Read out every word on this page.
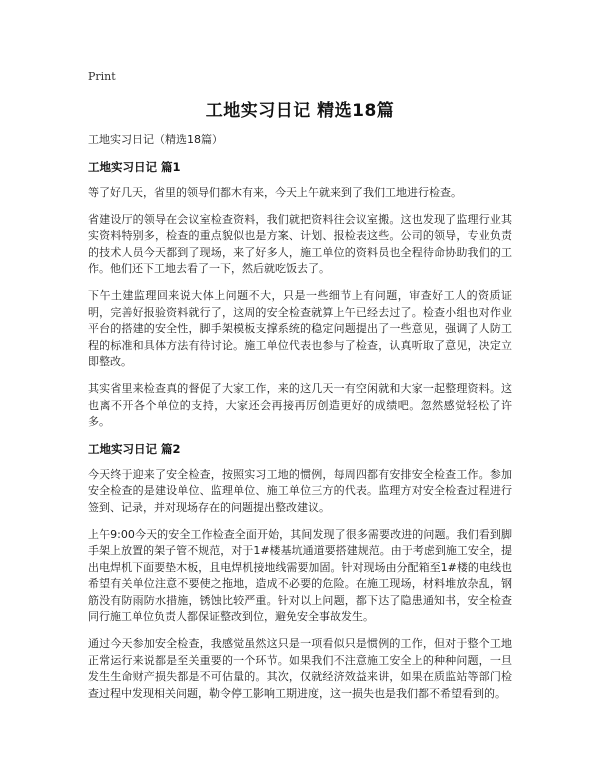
Print
工地实习日记 精选18篇
工地实习日记（精选18篇）
工地实习日记 篇1

等了好几天，省里的领导们都木有来，今天上午就来到了我们工地进行检查。

省建设厅的领导在会议室检查资料，我们就把资料往会议室搬。这也发现了监理行业其实资料特别多，检查的重点貌似也是方案、计划、报检表这些。公司的领导，专业负责的技术人员今天都到了现场，来了好多人，施工单位的资料员也全程待命协助我们的工作。他们还下工地去看了一下，然后就吃饭去了。

下午土建监理回来说大体上问题不大，只是一些细节上有问题，审查好工人的资质证明，完善好报验资料就行了，这周的安全检查就算上午已经去过了。检查小组也对作业平台的搭建的安全性，脚手架模板支撑系统的稳定问题提出了一些意见，强调了人防工程的标准和具体方法有待讨论。施工单位代表也参与了检查，认真听取了意见，决定立即整改。

其实省里来检查真的督促了大家工作，来的这几天一有空闲就和大家一起整理资料。这也离不开各个单位的支持，大家还会再接再厉创造更好的成绩吧。忽然感觉轻松了许多。

工地实习日记 篇2

今天终于迎来了安全检查，按照实习工地的惯例，每周四都有安排安全检查工作。参加安全检查的是建设单位、监理单位、施工单位三方的代表。监理方对安全检查过程进行签到、记录，并对现场存在的问题提出整改建议。

上午9:00今天的安全工作检查全面开始，其间发现了很多需要改进的问题。我们看到脚手架上放置的架子管不规范，对于1#楼基坑通道要搭建规范。由于考虑到施工安全，提出电焊机下面要垫木板，且电焊机接地线需要加固。针对现场由分配箱至1#楼的电线也希望有关单位注意不要使之拖地，造成不必要的危险。在施工现场，材料堆放杂乱，钢筋没有防雨防水措施，锈蚀比较严重。针对以上问题，都下达了隐患通知书，安全检查同行施工单位负责人都保证整改到位，避免安全事故发生。

通过今天参加安全检查，我感觉虽然这只是一项看似只是惯例的工作，但对于整个工地正常运行来说都是至关重要的一个环节。如果我们不注意施工安全上的种种问题，一旦发生生命财产损失都是不可估量的。其次，仅就经济效益来讲，如果在质监站等部门检查过程中发现相关问题，勒令停工影响工期进度，这一损失也是我们都不希望看到的。
